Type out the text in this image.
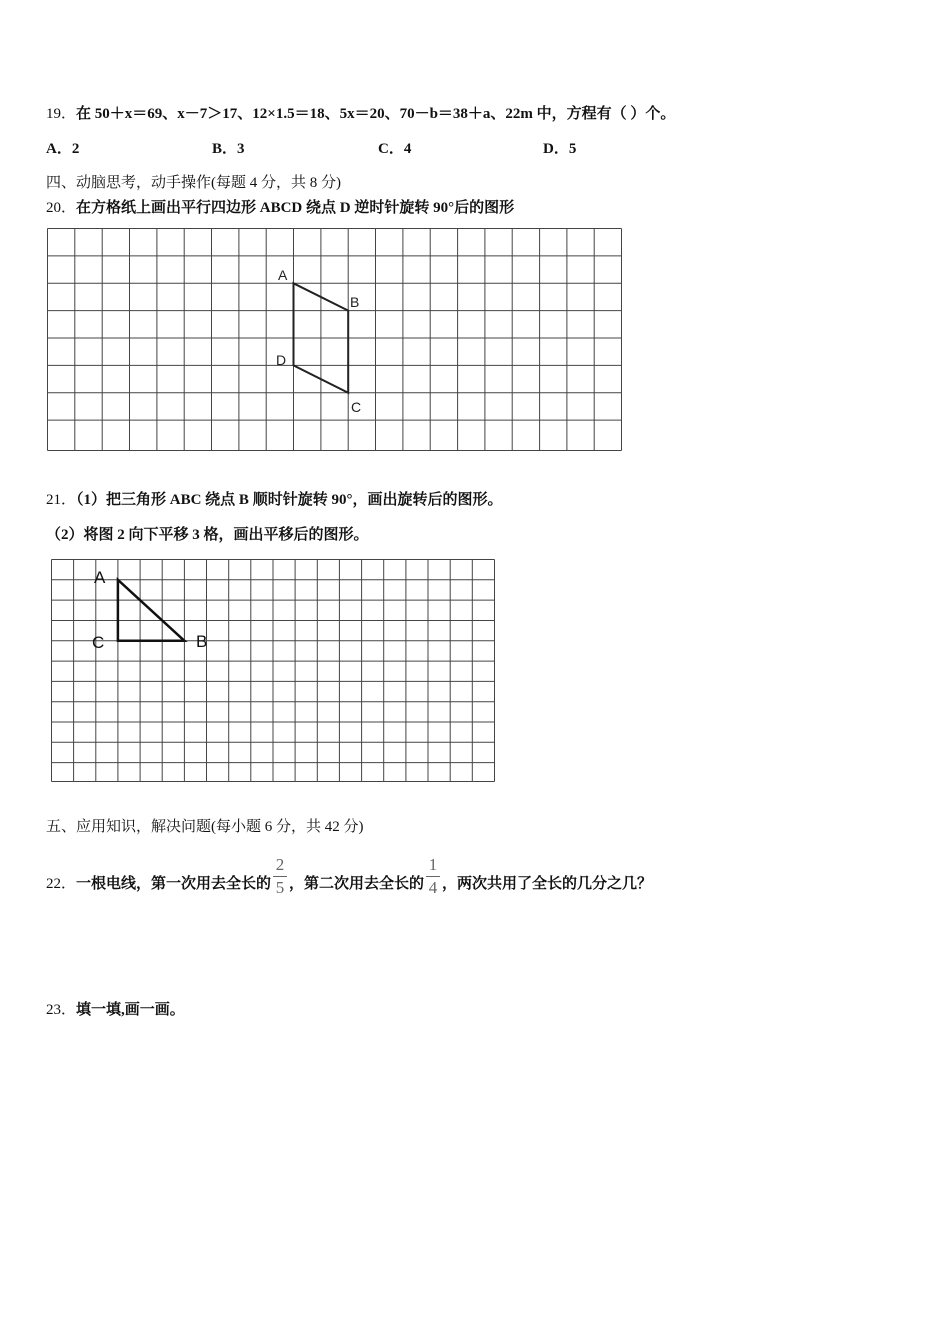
19．在 50＋x＝69、x－7＞17、12×1.5＝18、5x＝20、70－b＝38＋a、22m 中，方程有（ ）个。
A．2	B．3	C．4	D．5
四、动脑思考，动手操作(每题 4 分，共 8 分)
20．在方格纸上画出平行四边形 ABCD 绕点 D 逆时针旋转 90°后的图形
A
B
D
C
21．（1）把三角形 ABC 绕点 B 顺时针旋转 90°，画出旋转后的图形。
（2）将图 2 向下平移 3 格，画出平移后的图形。
A
C	B
五、应用知识，解决问题(每小题 6 分，共 42 分)
22．一根电线，第一次用去全长的 $\frac{2}{5}$ ，第二次用去全长的 $\frac{1}{4}$ ，两次共用了全长的几分之几？
23．填一填,画一画。
